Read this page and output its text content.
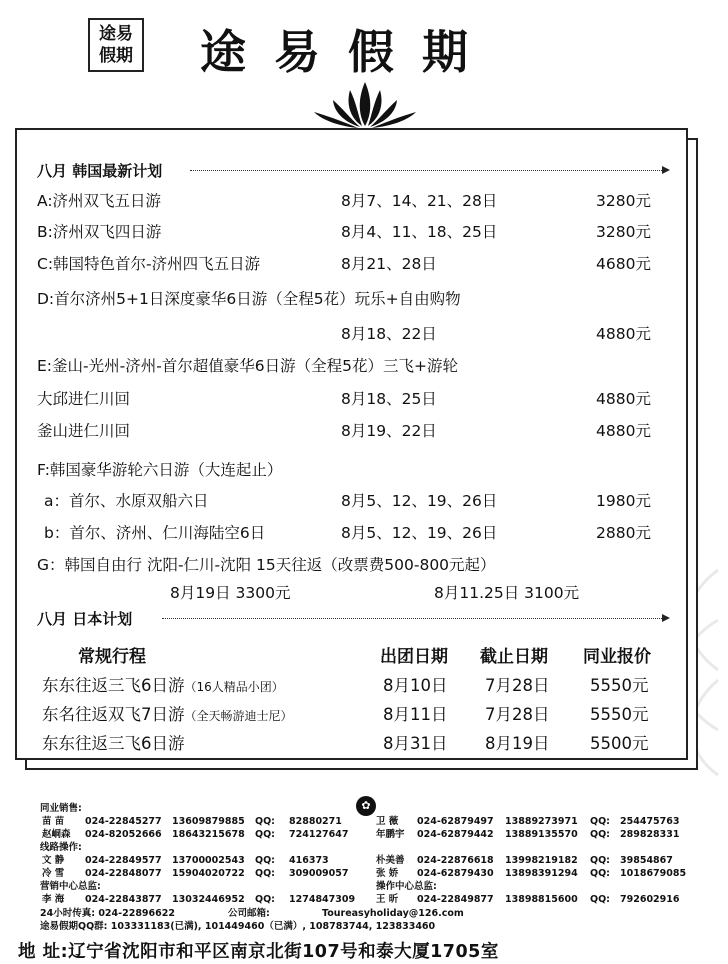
途易
假期 途易假期
八月 韩国最新计划
A:济州双飞五日游	8月7、14、21、28日	3280元
B:济州双飞四日游	8月4、11、18、25日	3280元
C:韩国特色首尔-济州四飞五日游	8月21、28日	4680元
D:首尔济州5+1日深度豪华6日游（全程5花）玩乐+自由购物
8月18、22日	4880元
E:釜山-光州-济州-首尔超值豪华6日游（全程5花）三飞+游轮
大邱进仁川回	8月18、25日	4880元
釜山进仁川回	8月19、22日	4880元
F:韩国豪华游轮六日游（大连起止）
a：首尔、水原双船六日	8月5、12、19、26日	1980元
b：首尔、济州、仁川海陆空6日	8月5、12、19、26日	2880元
G：韩国自由行 沈阳-仁川-沈阳 15天往返（改票费500-800元起）
8月19日 3300元	8月11.25日 3100元
八月 日本计划
常规行程	出团日期 截止日期 同业报价
东东往返三飞6日游（16人精品小团）	8月10日 7月28日 5550元
东名往返双飞7日游（全天畅游迪士尼）	8月11日 7月28日 5550元
东东往返三飞6日游	8月31日 8月19日 5500元
✿
同业销售:
苗 苗 024-22845277 13609879885 QQ: 82880271
赵峒森 024-82052666 18643215678 QQ: 724127647
线路操作:
文 静 024-22849577 13700002543 QQ: 416373
冷 雪 024-22848077 15904020722 QQ: 309009057
营销中心总监:
李 海 024-22843877 13032446952 QQ: 1274847309
卫 薇 024-62879497 13889273971 QQ: 254475763
年鹏宇 024-62879442 13889135570 QQ: 289828331
朴美善 024-22876618 13998219182 QQ: 39854867
张 娇 024-62879430 13898391294 QQ: 1018679085
操作中心总监:
王 昕 024-22849877 13898815600 QQ: 792602916
24小时传真: 024-22896622	公司邮箱:	Toureasyholiday@126.com
途易假期QQ群: 103331183(已满), 101449460（已满）, 108783744, 123833460
地 址:辽宁省沈阳市和平区南京北街107号和泰大厦1705室
